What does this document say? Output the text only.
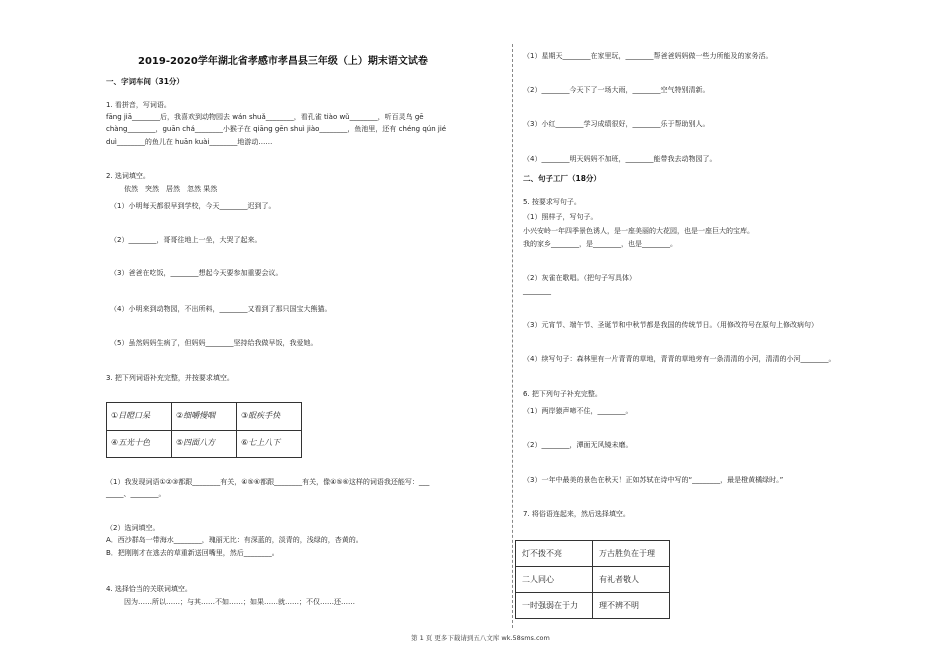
2019-2020学年湖北省孝感市孝昌县三年级（上）期末语文试卷
一、字词车间（31分）
1. 看拼音，写词语。
fāng jiā________后，我喜欢到动物园去 wán shuǎ________，看孔雀 tiào wǔ________，听百灵鸟 gē
chàng________，guān chá________小猴子在 qiāng gēn shuì jiào________，鱼池里，还有 chéng qún jié
duì________的鱼儿在 huān kuài________地游动……
2. 选词填空。
依然　突然　居然　忽然 果然
（1）小明每天都很早到学校，今天________迟到了。
（2）________，哥哥往地上一坐，大哭了起来。
（3）爸爸在吃饭，________想起今天要参加重要会议。
（4）小明来到动物园，不出所料，________又看到了那只国宝大熊猫。
（5）虽然妈妈生病了，但妈妈________坚持给我做早饭，我爱她。
3. 把下列词语补充完整，并按要求填空。
①目瞪口呆	②细嚼慢咽	③眼疾手快
④五光十色	⑤四面八方	⑥七上八下
（1）我发现词语①②③都跟________有关，④⑤⑥都跟________有关，像④⑤⑥这样的词语我还能写：___
_____、________。
（2）选词填空。
A．西沙群岛一带海水________，瑰丽无比：有深蓝的，淡青的，浅绿的，杏黄的。
B．把刚刚才在逃去的草重新送回嘴里，然后________。
4. 选择恰当的关联词填空。
因为……所以……；与其……不如……；如果……就……；不仅……还……
（1）星期天________在家里玩，________帮爸爸妈妈做一些力所能及的家务活。
（2）________今天下了一场大雨，________空气特别清新。
（3）小红________学习成绩很好，________乐于帮助别人。
（4）________明天妈妈不加班，________能带我去动物园了。
二、句子工厂（18分）
5. 按要求写句子。
（1）照样子，写句子。
小兴安岭一年四季景色诱人，是一座美丽的大花园，也是一座巨大的宝库。
我的家乡________，是________，也是________。
（2）灰雀在歌唱。（把句子写具体）
________
（3）元宵节、端午节、圣诞节和中秋节都是我国的传统节日。（用修改符号在原句上修改病句）
（4）续写句子：森林里有一片青青的草地，青青的草地旁有一条清清的小河，清清的小河________。
6. 把下列句子补充完整。
（1）两岸猿声啼不住，________。
（2）________，潭面无风镜未磨。
（3）一年中最美的景色在秋天！正如苏轼在诗中写的“________，最是橙黄橘绿时。”
7. 将俗语连起来，然后选择填空。
灯不拨不亮	万古胜负在于理
二人同心	有礼者敬人
一时强弱在于力	理不辨不明
第 1 页 更多下载请到五八文库 wk.58sms.com
